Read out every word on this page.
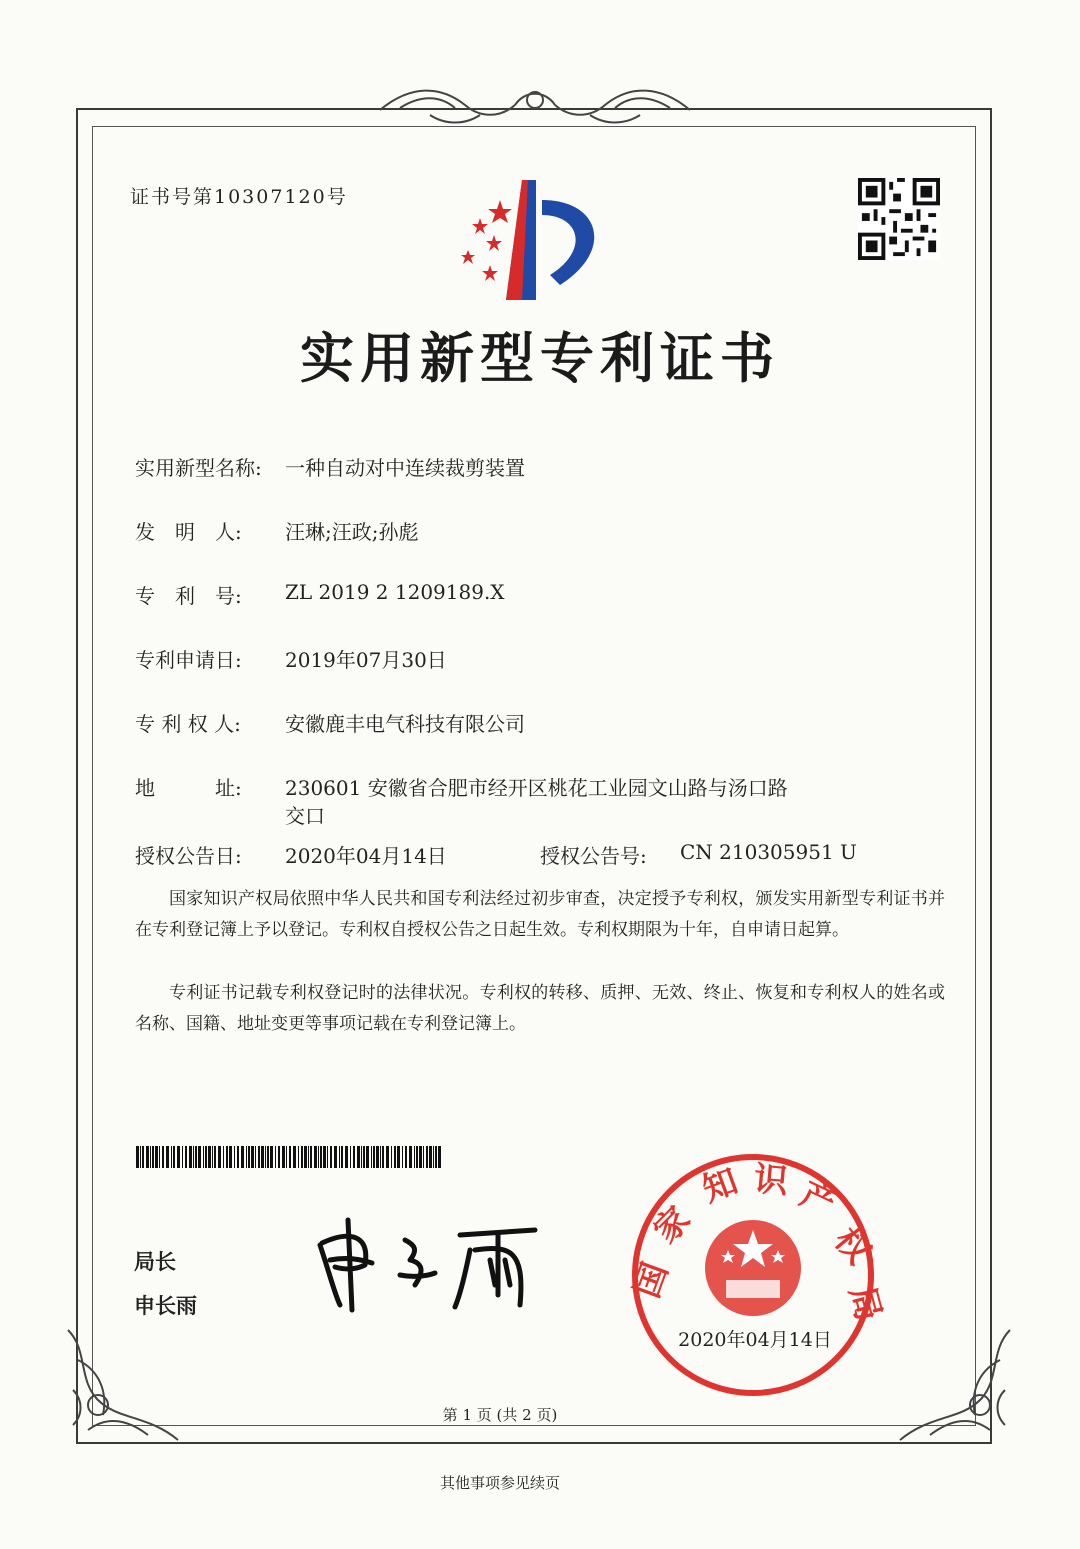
证书号第10307120号
实用新型专利证书
实用新型名称: 一种自动对中连续裁剪装置
发　明　人: 汪琳;汪政;孙彪
专　利　号: ZL 2019 2 1209189.X
专利申请日: 2019年07月30日
专 利 权 人: 安徽鹿丰电气科技有限公司
地　　　址: 230601 安徽省合肥市经开区桃花工业园文山路与汤口路
交口
授权公告日: 2020年04月14日	授权公告号: CN 210305951 U
国家知识产权局依照中华人民共和国专利法经过初步审查，决定授予专利权，颁发实用新型专利证书并在专利登记簿上予以登记。专利权自授权公告之日起生效。专利权期限为十年，自申请日起算。
专利证书记载专利权登记时的法律状况。专利权的转移、质押、无效、终止、恢复和专利权人的姓名或名称、国籍、地址变更等事项记载在专利登记簿上。
局长
申长雨
国
家
知 识 产
权
局
2020年04月14日
第 1 页 (共 2 页)
其他事项参见续页
